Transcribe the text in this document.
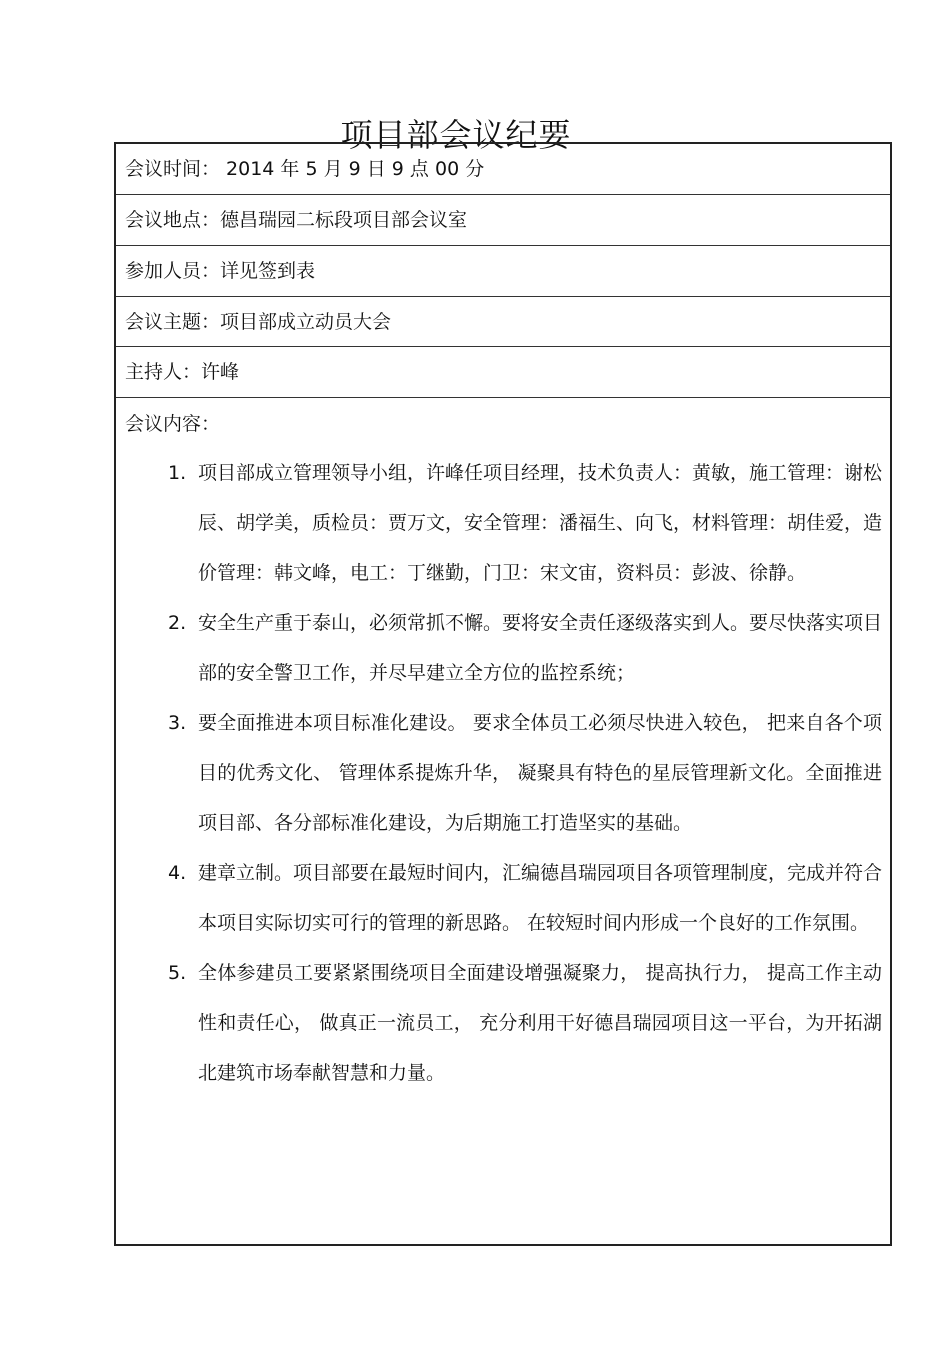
项目部会议纪要
会议时间： 2014 年 5 月 9 日 9 点 00 分
会议地点：德昌瑞园二标段项目部会议室
参加人员：详见签到表
会议主题：项目部成立动员大会
主持人：许峰
会议内容：
1. 项目部成立管理领导小组，许峰任项目经理，技术负责人：黄敏，施工管理：谢松辰、胡学美，质检员：贾万文，安全管理：潘福生、向飞，材料管理：胡佳爱，造价管理：韩文峰，电工：丁继勤，门卫：宋文宙，资料员：彭波、徐静。
2. 安全生产重于泰山，必须常抓不懈。要将安全责任逐级落实到人。要尽快落实项目部的安全警卫工作，并尽早建立全方位的监控系统；
3. 要全面推进本项目标准化建设。 要求全体员工必须尽快进入较色， 把来自各个项目的优秀文化、 管理体系提炼升华， 凝聚具有特色的星辰管理新文化。全面推进项目部、各分部标准化建设，为后期施工打造坚实的基础。
4. 建章立制。项目部要在最短时间内，汇编德昌瑞园项目各项管理制度，完成并符合本项目实际切实可行的管理的新思路。 在较短时间内形成一个良好的工作氛围。
5. 全体参建员工要紧紧围绕项目全面建设增强凝聚力， 提高执行力， 提高工作主动性和责任心， 做真正一流员工， 充分利用干好德昌瑞园项目这一平台，为开拓湖北建筑市场奉献智慧和力量。
